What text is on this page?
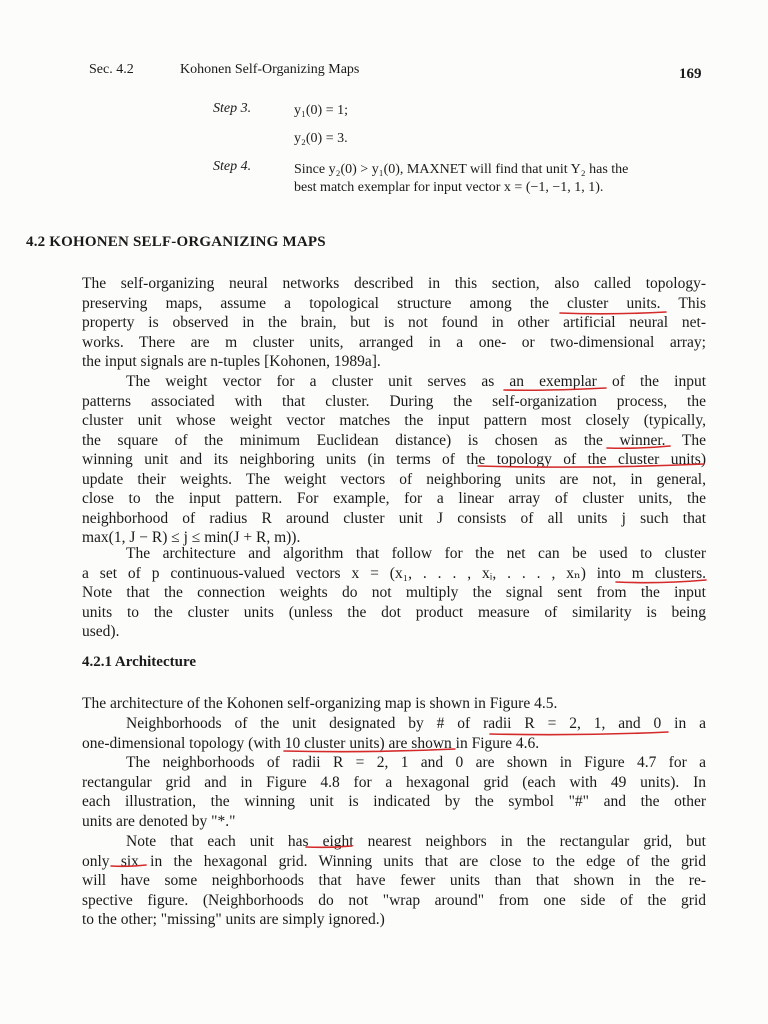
Sec. 4.2	Kohonen Self-Organizing Maps	169
Step 3.	y₁(0) = 1;
y₂(0) = 3.
Step 4.	Since y₂(0) > y₁(0), MAXNET will find that unit Y₂ has the
best match exemplar for input vector x = (−1, −1, 1, 1).
4.2 KOHONEN SELF-ORGANIZING MAPS
The self-organizing neural networks described in this section, also called topology-
preserving maps, assume a topological structure among the cluster units. This
property is observed in the brain, but is not found in other artificial neural net-
works. There are m cluster units, arranged in a one- or two-dimensional array;
the input signals are n-tuples [Kohonen, 1989a].
The weight vector for a cluster unit serves as an exemplar of the input
patterns associated with that cluster. During the self-organization process, the
cluster unit whose weight vector matches the input pattern most closely (typically,
the square of the minimum Euclidean distance) is chosen as the winner. The
winning unit and its neighboring units (in terms of the topology of the cluster units)
update their weights. The weight vectors of neighboring units are not, in general,
close to the input pattern. For example, for a linear array of cluster units, the
neighborhood of radius R around cluster unit J consists of all units j such that
max(1, J − R) ≤ j ≤ min(J + R, m)).
The architecture and algorithm that follow for the net can be used to cluster
a set of p continuous-valued vectors x = (x₁, . . . , xᵢ, . . . , xₙ) into m clusters.
Note that the connection weights do not multiply the signal sent from the input
units to the cluster units (unless the dot product measure of similarity is being
used).
4.2.1 Architecture
The architecture of the Kohonen self-organizing map is shown in Figure 4.5.
Neighborhoods of the unit designated by # of radii R = 2, 1, and 0 in a
one-dimensional topology (with 10 cluster units) are shown in Figure 4.6.
The neighborhoods of radii R = 2, 1 and 0 are shown in Figure 4.7 for a
rectangular grid and in Figure 4.8 for a hexagonal grid (each with 49 units). In
each illustration, the winning unit is indicated by the symbol "#" and the other
units are denoted by "*."
Note that each unit has eight nearest neighbors in the rectangular grid, but
only six in the hexagonal grid. Winning units that are close to the edge of the grid
will have some neighborhoods that have fewer units than that shown in the re-
spective figure. (Neighborhoods do not "wrap around" from one side of the grid
to the other; "missing" units are simply ignored.)
